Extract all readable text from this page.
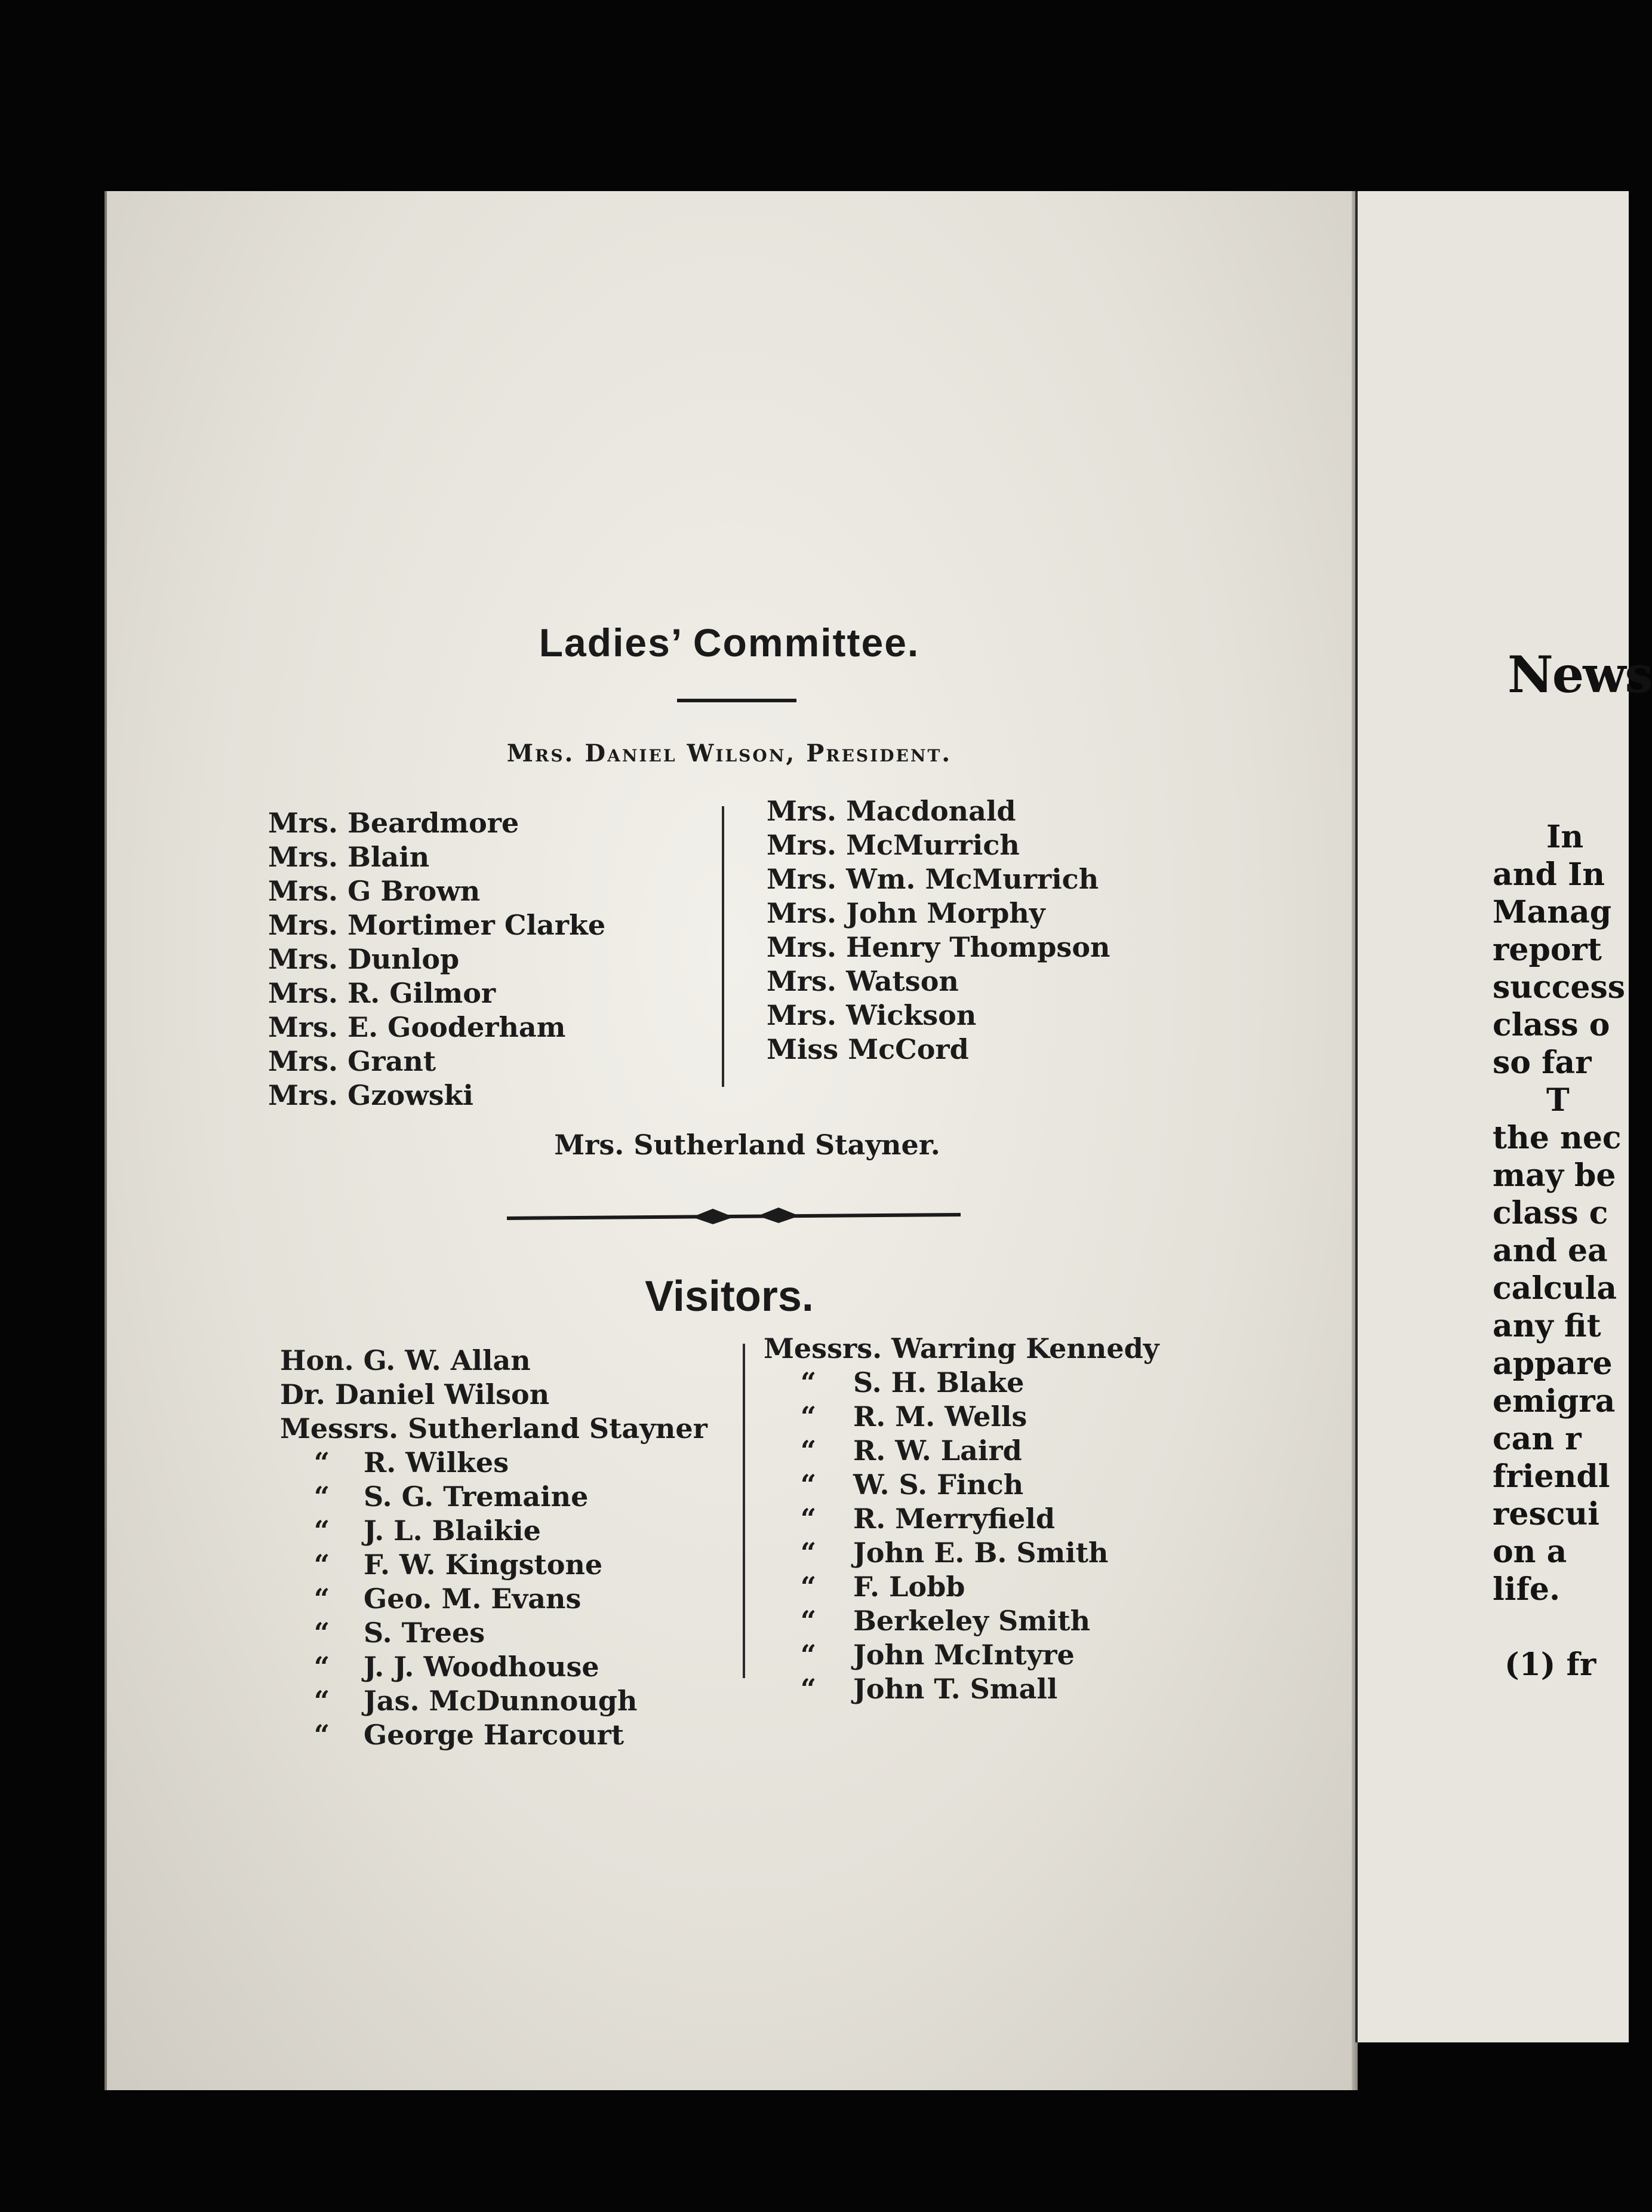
Ladies’ Committee.
Mrs. Daniel Wilson, President.
Mrs. Beardmore
Mrs. Blain
Mrs. G Brown
Mrs. Mortimer Clarke
Mrs. Dunlop
Mrs. R. Gilmor
Mrs. E. Gooderham
Mrs. Grant
Mrs. Gzowski
Mrs. Macdonald
Mrs. McMurrich
Mrs. Wm. McMurrich
Mrs. John Morphy
Mrs. Henry Thompson
Mrs. Watson
Mrs. Wickson
Miss McCord
Mrs. Sutherland Stayner.
Visitors.
Hon. G. W. Allan
Dr. Daniel Wilson
Messrs. Sutherland Stayner
“ R. Wilkes
“ S. G. Tremaine
“ J. L. Blaikie
“ F. W. Kingstone
“ Geo. M. Evans
“ S. Trees
“ J. J. Woodhouse
“ Jas. McDunnough
“ George Harcourt
Messrs. Warring Kennedy
“ S. H. Blake
“ R. M. Wells
“ R. W. Laird
“ W. S. Finch
“ R. Merryfield
“ John E. B. Smith
“ F. Lobb
“ Berkeley Smith
“ John McIntyre
“ John T. Small
News
In
and In
Manag
report
success
class o
so far
T
the nec
may be
class c
and ea
calcula
any fit
appare
emigra
can r
friendl
rescui
on a
life.
(1) fr
